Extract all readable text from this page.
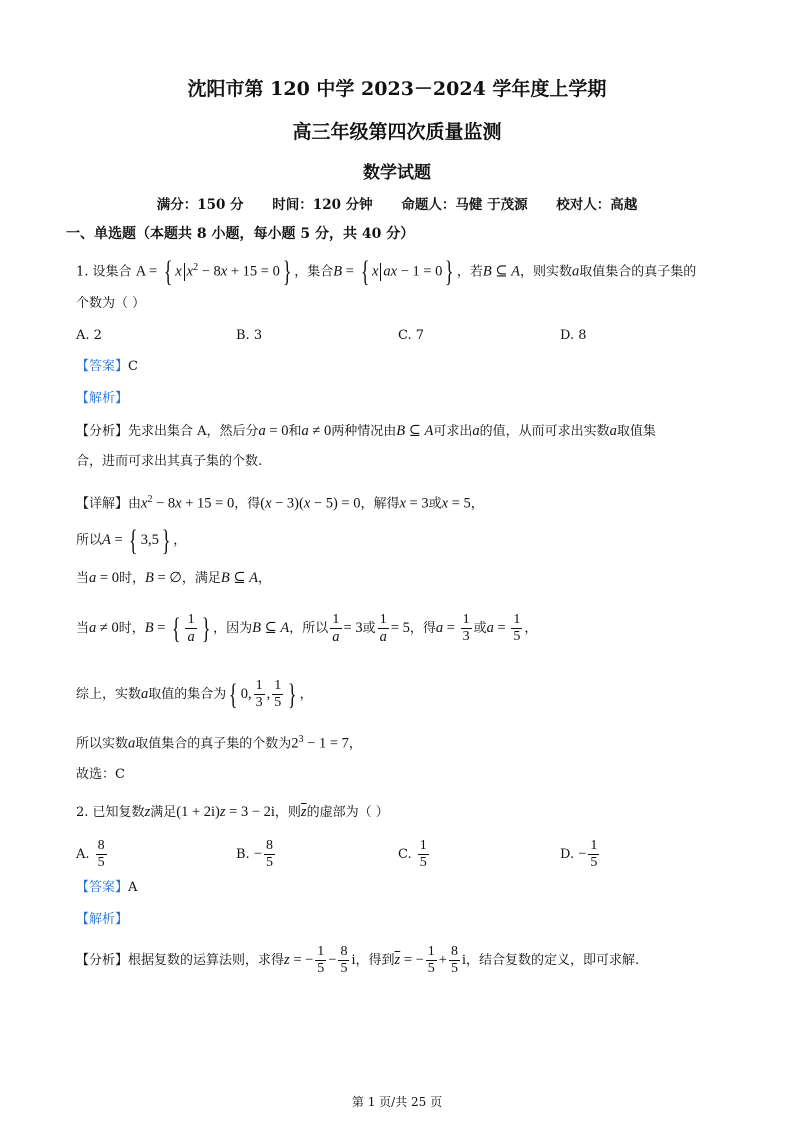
沈阳市第 120 中学 2023－2024 学年度上学期
高三年级第四次质量监测
数学试题
满分：150 分 时间：120 分钟 命题人：马健 于茂源 校对人：高越
一、单选题（本题共 8 小题，每小题 5 分，共 40 分）
1. 设集合 A = { x $x^2 - 8x + 15 = 0$} ，集合B = { x ax − 1 = 0} ，若B ⊆ A，则实数a取值集合的真子集的
个数为（ ）
A. 2	B. 3	C. 7	D. 8
【答案】C
【解析】
【分析】先求出集合 A，然后分a = 0和a ≠ 0两种情况由B ⊆ A可求出a的值，从而可求出实数a取值集
合，进而可求出其真子集的个数.
【详解】由$x^2 - 8x + 15 = 0$，得(x − 3)(x − 5) = 0，解得x = 3或x = 5，
所以A = { 3,5} ，
当a = 0时，B = ∅，满足B ⊆ A，
当a ≠ 0时，B = { $\frac{1}{a}$ } ，因为B ⊆ A，所以 $\frac{1}{a} = 3$或 $\frac{1}{a} = 5$，得$a = \frac{1}{3}$ 或$a = \frac{1}{5}$ ，
综上，实数a取值的集合为{ 0, $\frac{1}{3}$ , $\frac{1}{5}$ } ，
所以实数a取值集合的真子集的个数为$2^3 - 1 = 7$，
故选：C
2. 已知复数z满足(1 + 2i)z = 3 − 2i，则$\overline{z}$的虚部为（ ）
A. $\frac{8}{5}$	B. − $\frac{8}{5}$	C. $\frac{1}{5}$	D. − $\frac{1}{5}$
【答案】A
【解析】
【分析】根据复数的运算法则，求得z = − $\frac{1}{5} - \frac{8}{5}$ i，得到$\overline{z}$ = − $\frac{1}{5} + \frac{8}{5}$ i，结合复数的定义，即可求解.
第 1 页/共 25 页
